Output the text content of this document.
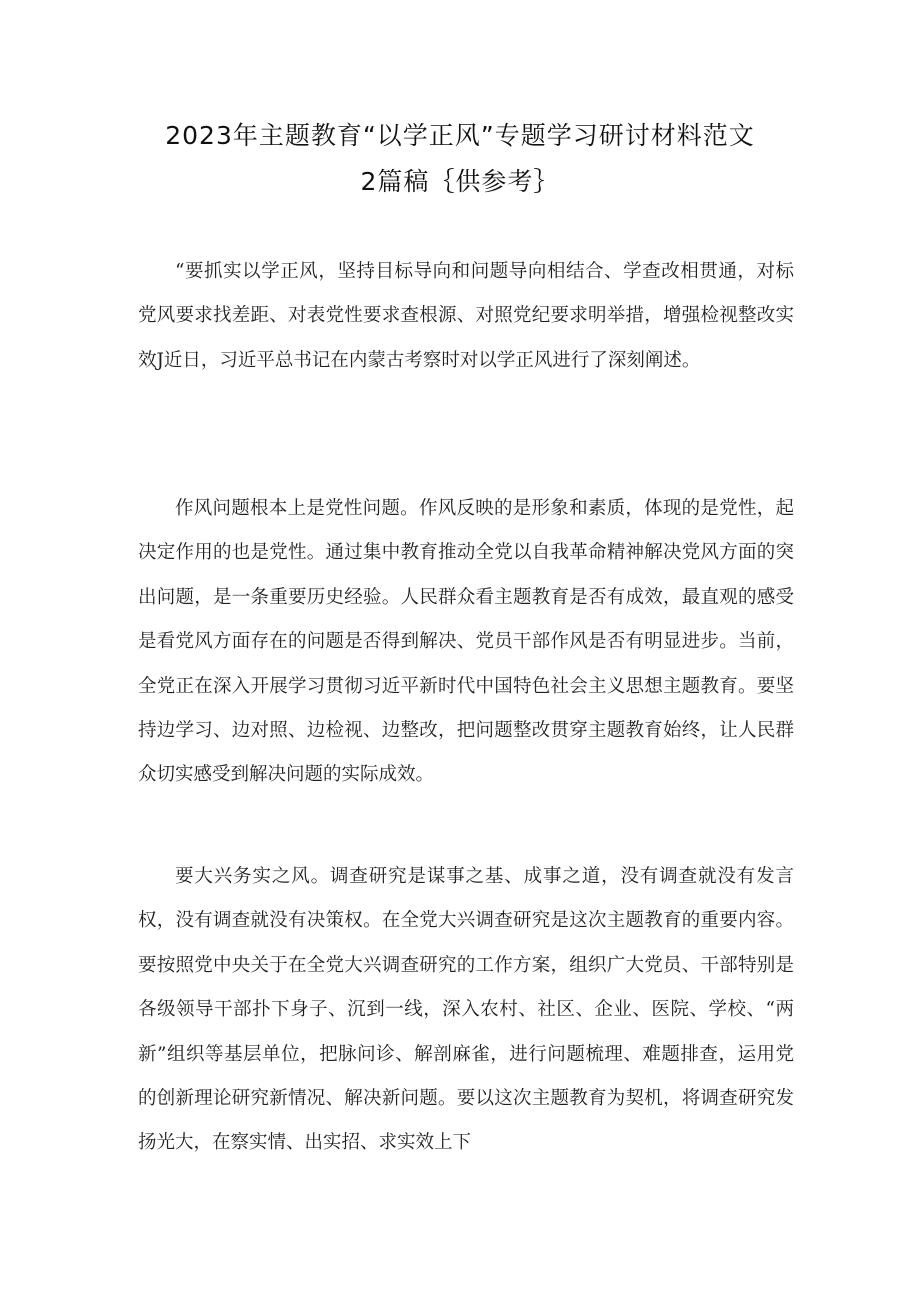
2023年主题教育“以学正风”专题学习研讨材料范文
2篇稿｛供参考｝

“要抓实以学正风，坚持目标导向和问题导向相结合、学查改相贯通，对标党风要求找差距、对表党性要求查根源、对照党纪要求明举措，增强检视整改实效J近日，习近平总书记在内蒙古考察时对以学正风进行了深刻阐述。

作风问题根本上是党性问题。作风反映的是形象和素质，体现的是党性，起决定作用的也是党性。通过集中教育推动全党以自我革命精神解决党风方面的突出问题，是一条重要历史经验。人民群众看主题教育是否有成效，最直观的感受是看党风方面存在的问题是否得到解决、党员干部作风是否有明显进步。当前，全党正在深入开展学习贯彻习近平新时代中国特色社会主义思想主题教育。要坚持边学习、边对照、边检视、边整改，把问题整改贯穿主题教育始终，让人民群众切实感受到解决问题的实际成效。

要大兴务实之风。调查研究是谋事之基、成事之道，没有调查就没有发言权，没有调查就没有决策权。在全党大兴调查研究是这次主题教育的重要内容。要按照党中央关于在全党大兴调查研究的工作方案，组织广大党员、干部特别是各级领导干部扑下身子、沉到一线，深入农村、社区、企业、医院、学校、“两新”组织等基层单位，把脉问诊、解剖麻雀，进行问题梳理、难题排查，运用党的创新理论研究新情况、解决新问题。要以这次主题教育为契机，将调查研究发扬光大，在察实情、出实招、求实效上下
